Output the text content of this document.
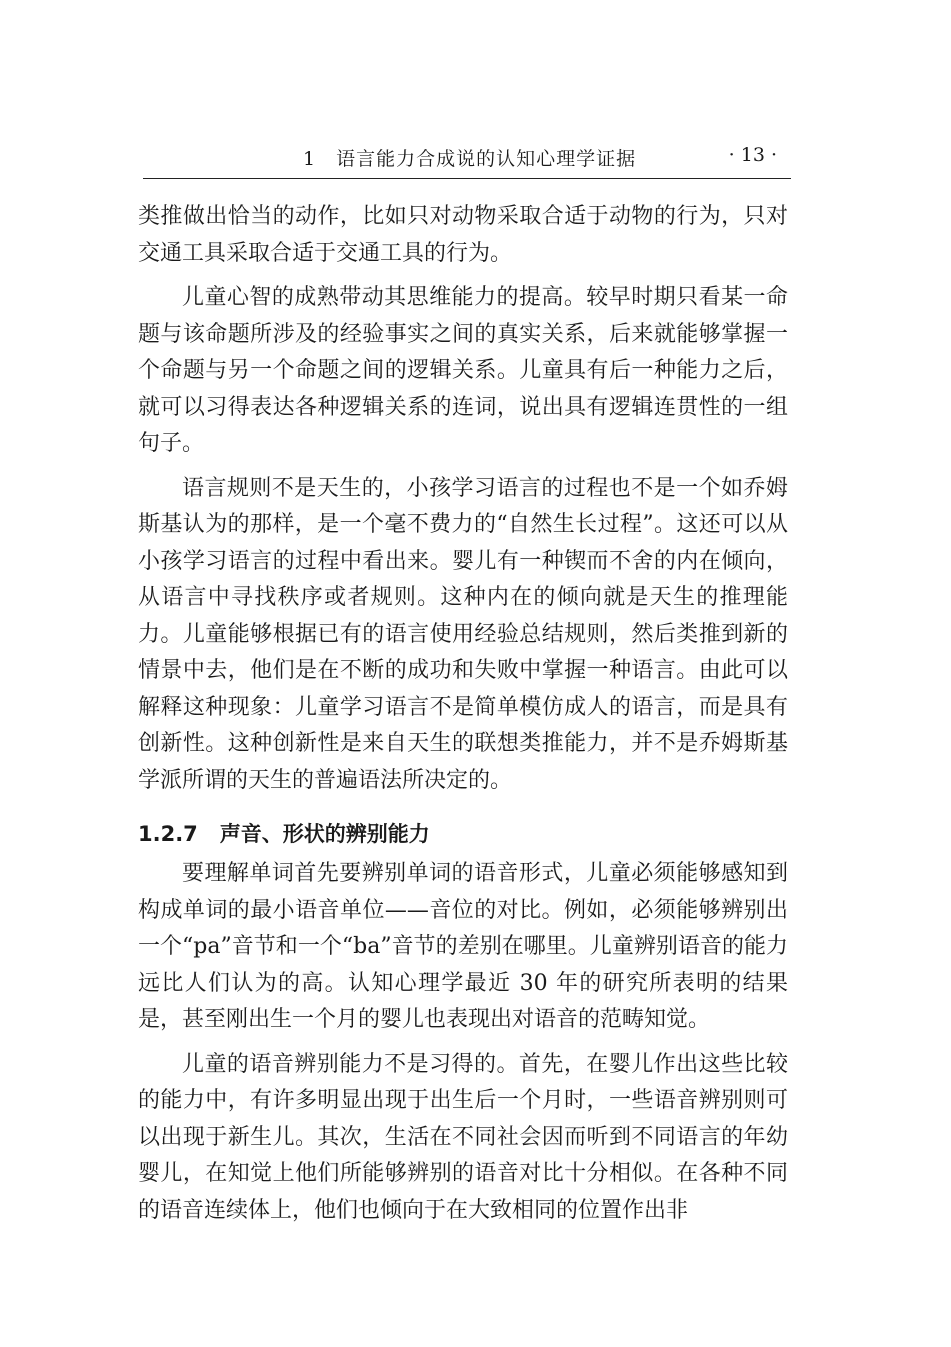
1　语言能力合成说的认知心理学证据	· 13 ·

类推做出恰当的动作，比如只对动物采取合适于动物的行为，只对交通工具采取合适于交通工具的行为。

儿童心智的成熟带动其思维能力的提高。较早时期只看某一命题与该命题所涉及的经验事实之间的真实关系，后来就能够掌握一个命题与另一个命题之间的逻辑关系。儿童具有后一种能力之后，就可以习得表达各种逻辑关系的连词，说出具有逻辑连贯性的一组句子。

语言规则不是天生的，小孩学习语言的过程也不是一个如乔姆斯基认为的那样，是一个毫不费力的“自然生长过程”。这还可以从小孩学习语言的过程中看出来。婴儿有一种锲而不舍的内在倾向，从语言中寻找秩序或者规则。这种内在的倾向就是天生的推理能力。儿童能够根据已有的语言使用经验总结规则，然后类推到新的情景中去，他们是在不断的成功和失败中掌握一种语言。由此可以解释这种现象：儿童学习语言不是简单模仿成人的语言，而是具有创新性。这种创新性是来自天生的联想类推能力，并不是乔姆斯基学派所谓的天生的普遍语法所决定的。

1.2.7 声音、形状的辨别能力

要理解单词首先要辨别单词的语音形式，儿童必须能够感知到构成单词的最小语音单位——音位的对比。例如，必须能够辨别出一个“pa”音节和一个“ba”音节的差别在哪里。儿童辨别语音的能力远比人们认为的高。认知心理学最近 30 年的研究所表明的结果是，甚至刚出生一个月的婴儿也表现出对语音的范畴知觉。

儿童的语音辨别能力不是习得的。首先，在婴儿作出这些比较的能力中，有许多明显出现于出生后一个月时，一些语音辨别则可以出现于新生儿。其次，生活在不同社会因而听到不同语言的年幼婴儿，在知觉上他们所能够辨别的语音对比十分相似。在各种不同的语音连续体上，他们也倾向于在大致相同的位置作出非
